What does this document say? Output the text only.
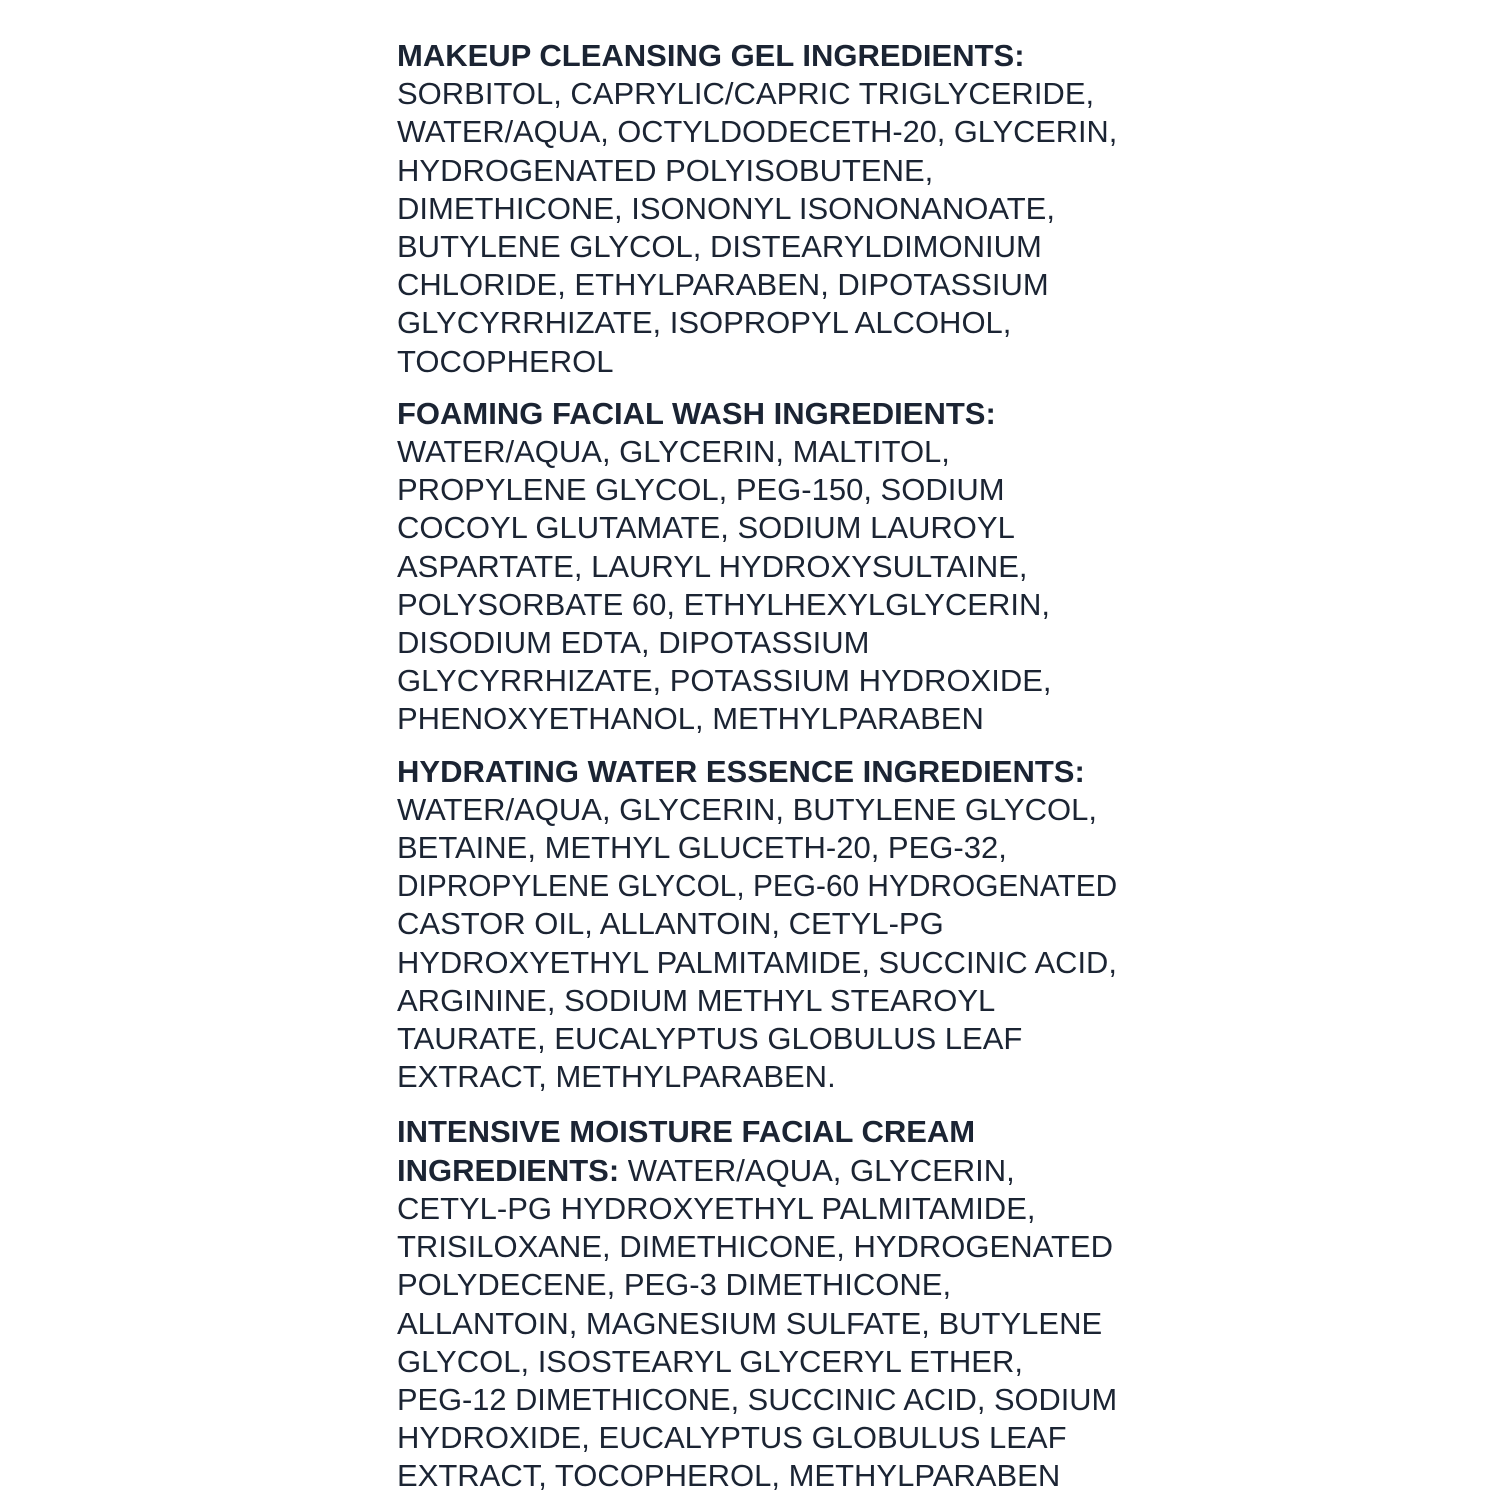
MAKEUP CLEANSING GEL INGREDIENTS:
SORBITOL, CAPRYLIC/CAPRIC TRIGLYCERIDE,
WATER/AQUA, OCTYLDODECETH-20, GLYCERIN,
HYDROGENATED POLYISOBUTENE,
DIMETHICONE, ISONONYL ISONONANOATE,
BUTYLENE GLYCOL, DISTEARYLDIMONIUM
CHLORIDE, ETHYLPARABEN, DIPOTASSIUM
GLYCYRRHIZATE, ISOPROPYL ALCOHOL,
TOCOPHEROL
FOAMING FACIAL WASH INGREDIENTS:
WATER/AQUA, GLYCERIN, MALTITOL,
PROPYLENE GLYCOL, PEG-150, SODIUM
COCOYL GLUTAMATE, SODIUM LAUROYL
ASPARTATE, LAURYL HYDROXYSULTAINE,
POLYSORBATE 60, ETHYLHEXYLGLYCERIN,
DISODIUM EDTA, DIPOTASSIUM
GLYCYRRHIZATE, POTASSIUM HYDROXIDE,
PHENOXYETHANOL, METHYLPARABEN
HYDRATING WATER ESSENCE INGREDIENTS:
WATER/AQUA, GLYCERIN, BUTYLENE GLYCOL,
BETAINE, METHYL GLUCETH-20, PEG-32,
DIPROPYLENE GLYCOL, PEG-60 HYDROGENATED
CASTOR OIL, ALLANTOIN, CETYL-PG
HYDROXYETHYL PALMITAMIDE, SUCCINIC ACID,
ARGININE, SODIUM METHYL STEAROYL
TAURATE, EUCALYPTUS GLOBULUS LEAF
EXTRACT, METHYLPARABEN.
INTENSIVE MOISTURE FACIAL CREAM
INGREDIENTS: WATER/AQUA, GLYCERIN,
CETYL-PG HYDROXYETHYL PALMITAMIDE,
TRISILOXANE, DIMETHICONE, HYDROGENATED
POLYDECENE, PEG-3 DIMETHICONE,
ALLANTOIN, MAGNESIUM SULFATE, BUTYLENE
GLYCOL, ISOSTEARYL GLYCERYL ETHER,
PEG-12 DIMETHICONE, SUCCINIC ACID, SODIUM
HYDROXIDE, EUCALYPTUS GLOBULUS LEAF
EXTRACT, TOCOPHEROL, METHYLPARABEN
